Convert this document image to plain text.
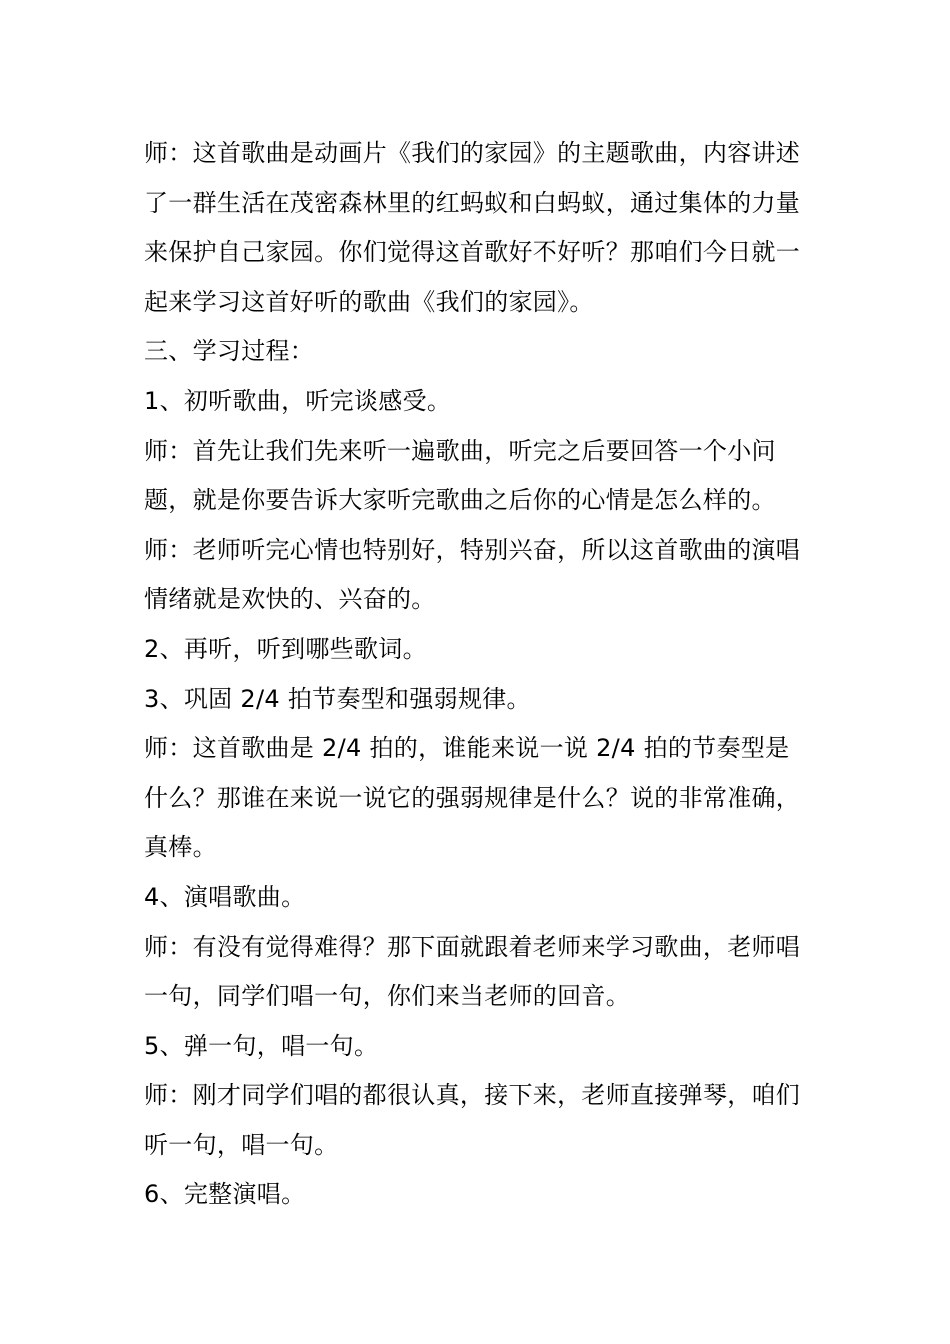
师：这首歌曲是动画片《我们的家园》的主题歌曲，内容讲述了一群生活在茂密森林里的红蚂蚁和白蚂蚁，通过集体的力量来保护自己家园。你们觉得这首歌好不好听？那咱们今日就一起来学习这首好听的歌曲《我们的家园》。

三、学习过程：

1、初听歌曲，听完谈感受。

师：首先让我们先来听一遍歌曲，听完之后要回答一个小问题，就是你要告诉大家听完歌曲之后你的心情是怎么样的。

师：老师听完心情也特别好，特别兴奋，所以这首歌曲的演唱情绪就是欢快的、兴奋的。

2、再听，听到哪些歌词。

3、巩固 2/4 拍节奏型和强弱规律。

师：这首歌曲是 2/4 拍的，谁能来说一说 2/4 拍的节奏型是什么？那谁在来说一说它的强弱规律是什么？说的非常准确，真棒。

4、演唱歌曲。

师：有没有觉得难得？那下面就跟着老师来学习歌曲，老师唱一句，同学们唱一句，你们来当老师的回音。

5、弹一句，唱一句。

师：刚才同学们唱的都很认真，接下来，老师直接弹琴，咱们听一句，唱一句。

6、完整演唱。
